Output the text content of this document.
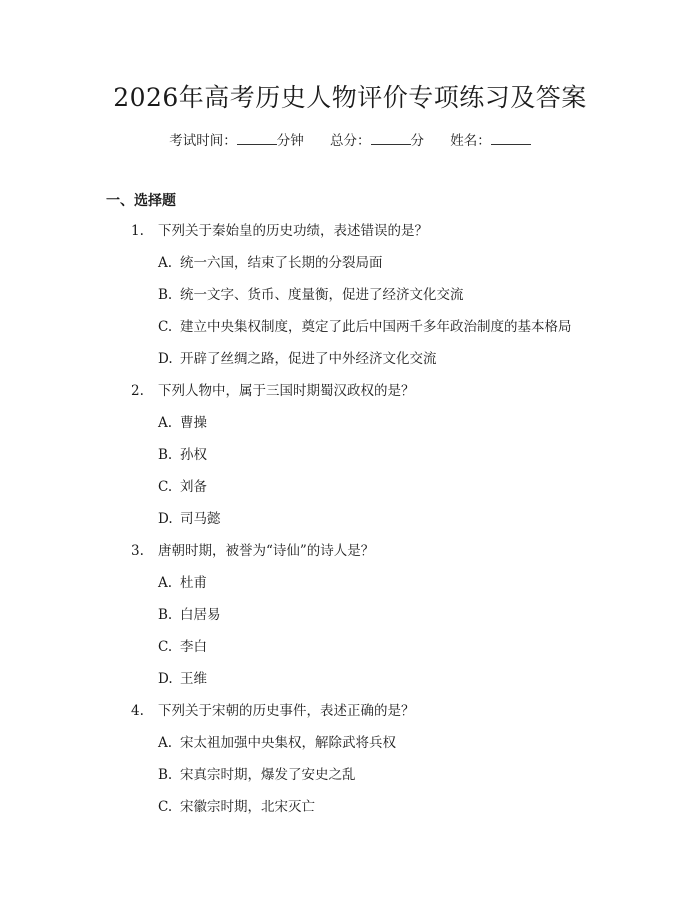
2026年高考历史人物评价专项练习及答案
考试时间：	分钟 总分：	分 姓名：
一、选择题
1. 下列关于秦始皇的历史功绩，表述错误的是？
A. 统一六国，结束了长期的分裂局面
B. 统一文字、货币、度量衡，促进了经济文化交流
C. 建立中央集权制度，奠定了此后中国两千多年政治制度的基本格局
D. 开辟了丝绸之路，促进了中外经济文化交流
2. 下列人物中，属于三国时期蜀汉政权的是？
A. 曹操
B. 孙权
C. 刘备
D. 司马懿
3. 唐朝时期，被誉为“诗仙”的诗人是？
A. 杜甫
B. 白居易
C. 李白
D. 王维
4. 下列关于宋朝的历史事件，表述正确的是？
A. 宋太祖加强中央集权，解除武将兵权
B. 宋真宗时期，爆发了安史之乱
C. 宋徽宗时期，北宋灭亡
